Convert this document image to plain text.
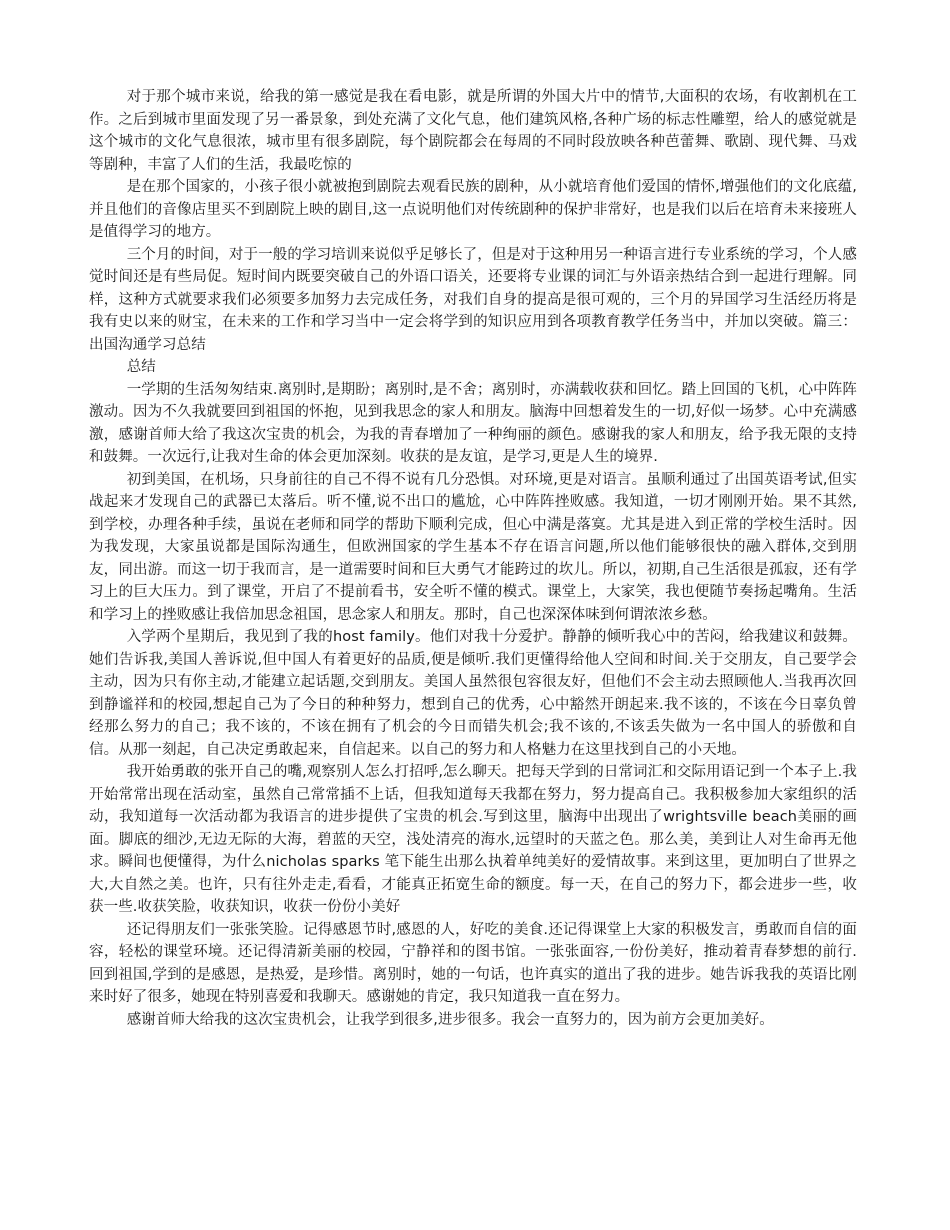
对于那个城市来说，给我的第一感觉是我在看电影，就是所谓的外国大片中的情节,大面积的农场，有收割机在工作。之后到城市里面发现了另一番景象，到处充满了文化气息，他们建筑风格,各种广场的标志性雕塑，给人的感觉就是这个城市的文化气息很浓，城市里有很多剧院，每个剧院都会在每周的不同时段放映各种芭蕾舞、歌剧、现代舞、马戏等剧种，丰富了人们的生活，我最吃惊的

是在那个国家的，小孩子很小就被抱到剧院去观看民族的剧种，从小就培育他们爱国的情怀,增强他们的文化底蕴,并且他们的音像店里买不到剧院上映的剧目,这一点说明他们对传统剧种的保护非常好，也是我们以后在培育未来接班人是值得学习的地方。

三个月的时间，对于一般的学习培训来说似乎足够长了，但是对于这种用另一种语言进行专业系统的学习，个人感觉时间还是有些局促。短时间内既要突破自己的外语口语关，还要将专业课的词汇与外语亲热结合到一起进行理解。同样，这种方式就要求我们必须要多加努力去完成任务，对我们自身的提高是很可观的，三个月的异国学习生活经历将是我有史以来的财宝，在未来的工作和学习当中一定会将学到的知识应用到各项教育教学任务当中，并加以突破。篇三：出国沟通学习总结

总结

一学期的生活匆匆结束.离别时,是期盼；离别时,是不舍；离别时，亦满载收获和回忆。踏上回国的飞机，心中阵阵激动。因为不久我就要回到祖国的怀抱，见到我思念的家人和朋友。脑海中回想着发生的一切,好似一场梦。心中充满感激，感谢首师大给了我这次宝贵的机会，为我的青春增加了一种绚丽的颜色。感谢我的家人和朋友，给予我无限的支持和鼓舞。一次远行,让我对生命的体会更加深刻。收获的是友谊，是学习,更是人生的境界.

初到美国，在机场，只身前往的自己不得不说有几分恐惧。对环境,更是对语言。虽顺利通过了出国英语考试,但实战起来才发现自己的武器已太落后。听不懂,说不出口的尴尬，心中阵阵挫败感。我知道，一切才刚刚开始。果不其然,到学校，办理各种手续，虽说在老师和同学的帮助下顺利完成，但心中满是落寞。尤其是进入到正常的学校生活时。因为我发现，大家虽说都是国际沟通生，但欧洲国家的学生基本不存在语言问题,所以他们能够很快的融入群体,交到朋友，同出游。而这一切于我而言，是一道需要时间和巨大勇气才能跨过的坎儿。所以，初期,自己生活很是孤寂，还有学习上的巨大压力。到了课堂，开启了不提前看书，安全听不懂的模式。课堂上，大家笑，我也便随节奏扬起嘴角。生活和学习上的挫败感让我倍加思念祖国，思念家人和朋友。那时，自己也深深体味到何谓浓浓乡愁。

入学两个星期后，我见到了我的host family。他们对我十分爱护。静静的倾听我心中的苦闷，给我建议和鼓舞。她们告诉我,美国人善诉说,但中国人有着更好的品质,便是倾听.我们更懂得给他人空间和时间.关于交朋友，自己要学会主动，因为只有你主动,才能建立起话题,交到朋友。美国人虽然很包容很友好，但他们不会主动去照顾他人.当我再次回到静谧祥和的校园,想起自己为了今日的种种努力，想到自己的优秀，心中豁然开朗起来.我不该的，不该在今日辜负曾经那么努力的自己；我不该的，不该在拥有了机会的今日而错失机会;我不该的,不该丢失做为一名中国人的骄傲和自信。从那一刻起，自己决定勇敢起来，自信起来。以自己的努力和人格魅力在这里找到自己的小天地。

我开始勇敢的张开自己的嘴,观察别人怎么打招呼,怎么聊天。把每天学到的日常词汇和交际用语记到一个本子上.我开始常常出现在活动室，虽然自己常常插不上话，但我知道每天我都在努力，努力提高自己。我积极参加大家组织的活动，我知道每一次活动都为我语言的进步提供了宝贵的机会.写到这里，脑海中出现出了wrightsville beach美丽的画面。脚底的细沙,无边无际的大海，碧蓝的天空，浅处清亮的海水,远望时的天蓝之色。那么美，美到让人对生命再无他求。瞬间也便懂得，为什么nicholas sparks 笔下能生出那么执着单纯美好的爱情故事。来到这里，更加明白了世界之大,大自然之美。也许，只有往外走走,看看，才能真正拓宽生命的额度。每一天，在自己的努力下，都会进步一些，收获一些.收获笑脸，收获知识，收获一份份小美好

还记得朋友们一张张笑脸。记得感恩节时,感恩的人，好吃的美食.还记得课堂上大家的积极发言，勇敢而自信的面容，轻松的课堂环境。还记得清新美丽的校园，宁静祥和的图书馆。一张张面容,一份份美好，推动着青春梦想的前行.回到祖国,学到的是感恩，是热爱，是珍惜。离别时，她的一句话，也许真实的道出了我的进步。她告诉我我的英语比刚来时好了很多，她现在特别喜爱和我聊天。感谢她的肯定，我只知道我一直在努力。

感谢首师大给我的这次宝贵机会，让我学到很多,进步很多。我会一直努力的，因为前方会更加美好。
